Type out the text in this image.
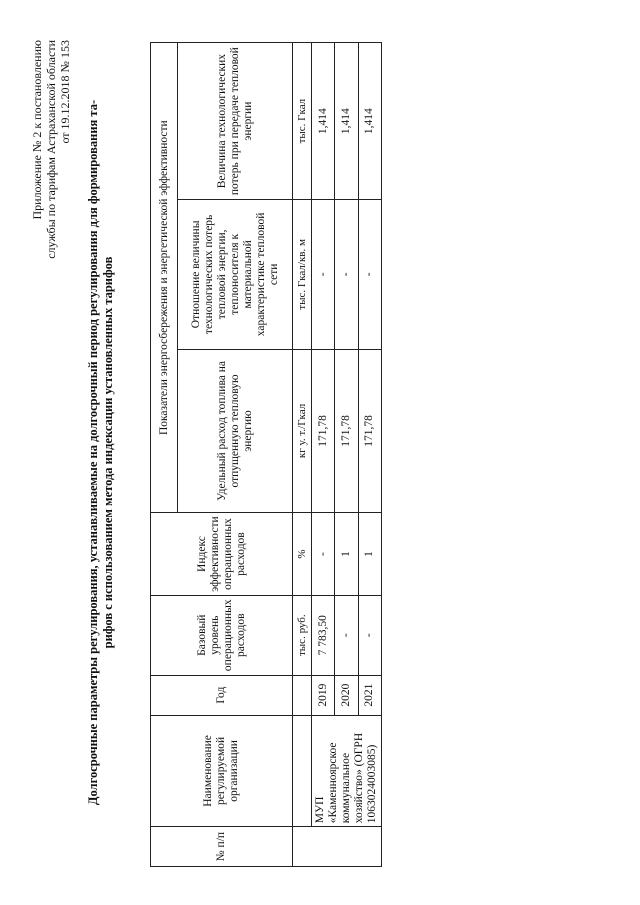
Приложение № 2 к постановлению службы по тарифам Астраханской области от 19.12.2018 № 153
Долгосрочные параметры регулирования, устанавливаемые на долгосрочный период регулирования для формирования та- рифов с использованием метода индексации установленных тарифов
№ п/п	Наименование регулируемой организации	Год	Базовый уровень операционных расходов	Индекс эффективности операционных расходов	Показатели энергосбережения и энергетической эффективности		
					Удельный расход топлива на отпущенную тепловую энергию	Отношение величины технологических потерь тепловой энергии, теплоносителя к материальной характеристике тепловой сети	Величина технологических потерь при передаче тепловой энергии
			тыс. руб.	%	кг у. т./Гкал	тыс. Гкал/кв. м	тыс. Гкал
	МУП «Каменноярское коммунальное хозяйство» (ОГРН 1063024003085)	2019	7 783,50	-	171,78	-	1,414
		2020	-	1	171,78	-	1,414
		2021	-	1	171,78	-	1,414
